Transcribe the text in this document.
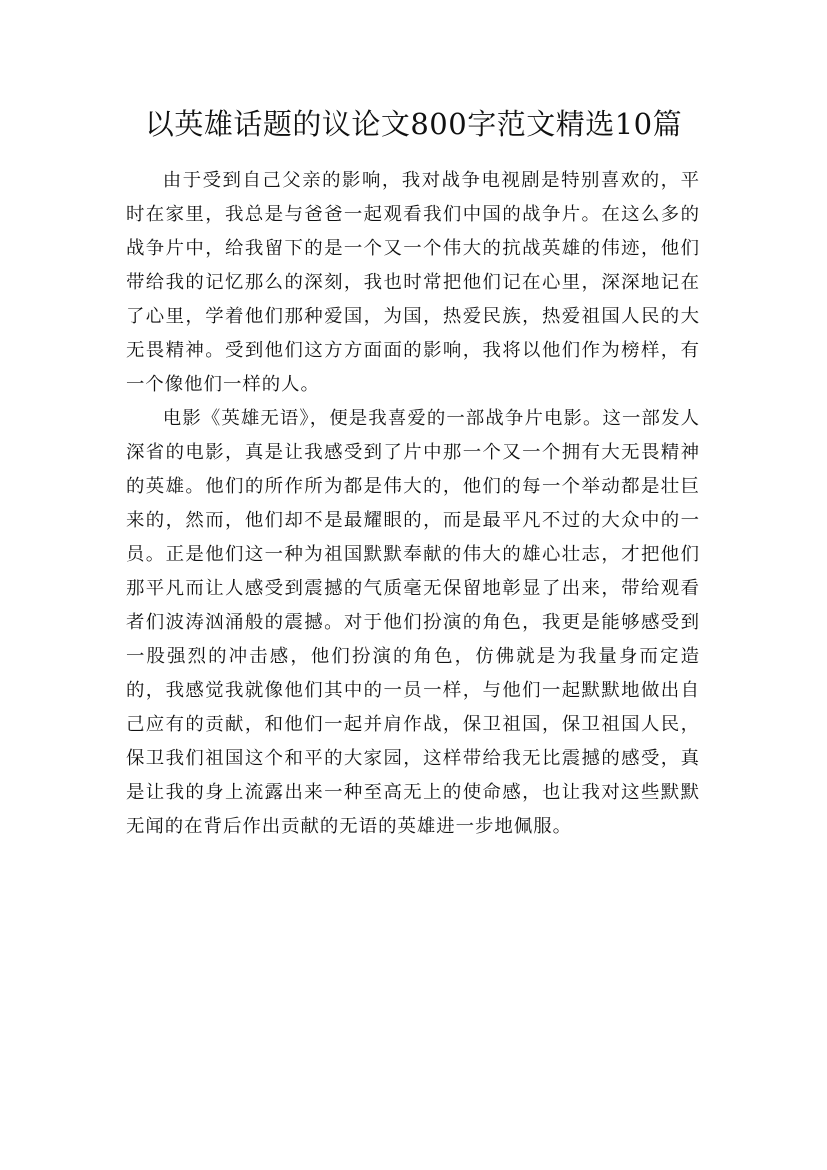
以英雄话题的议论文800字范文精选10篇

由于受到自己父亲的影响，我对战争电视剧是特别喜欢的，平时在家里，我总是与爸爸一起观看我们中国的战争片。在这么多的战争片中，给我留下的是一个又一个伟大的抗战英雄的伟迹，他们带给我的记忆那么的深刻，我也时常把他们记在心里，深深地记在了心里，学着他们那种爱国，为国，热爱民族，热爱祖国人民的大无畏精神。受到他们这方方面面的影响，我将以他们作为榜样，有一个像他们一样的人。

电影《英雄无语》，便是我喜爱的一部战争片电影。这一部发人深省的电影，真是让我感受到了片中那一个又一个拥有大无畏精神的英雄。他们的所作所为都是伟大的，他们的每一个举动都是壮巨来的，然而，他们却不是最耀眼的，而是最平凡不过的大众中的一员。正是他们这一种为祖国默默奉献的伟大的雄心壮志，才把他们那平凡而让人感受到震撼的气质毫无保留地彰显了出来，带给观看者们波涛汹涌般的震撼。对于他们扮演的角色，我更是能够感受到一股强烈的冲击感，他们扮演的角色，仿佛就是为我量身而定造的，我感觉我就像他们其中的一员一样，与他们一起默默地做出自己应有的贡献，和他们一起并肩作战，保卫祖国，保卫祖国人民，保卫我们祖国这个和平的大家园，这样带给我无比震撼的感受，真是让我的身上流露出来一种至高无上的使命感，也让我对这些默默无闻的在背后作出贡献的无语的英雄进一步地佩服。
